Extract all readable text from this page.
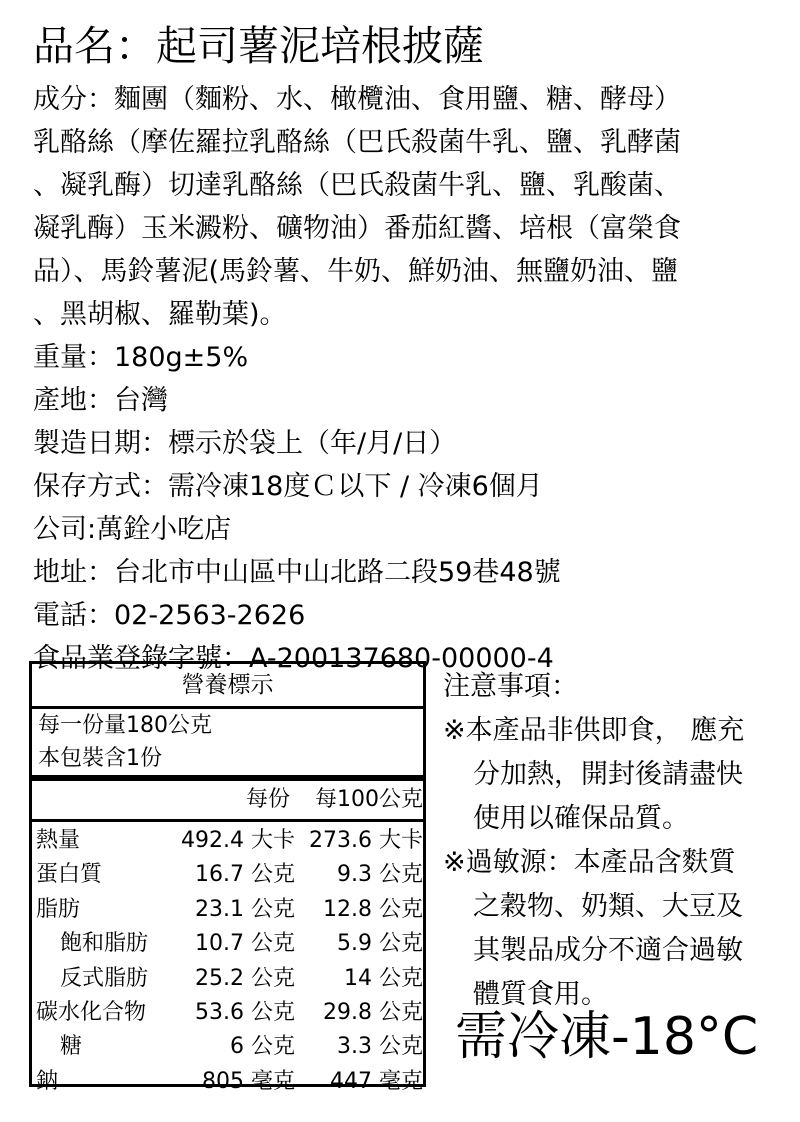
品名：起司薯泥培根披薩
成分：麵團（麵粉、水、橄欖油、食用鹽、糖、酵母）
乳酪絲（摩佐羅拉乳酪絲（巴氏殺菌牛乳、鹽、乳酵菌
、凝乳酶）切達乳酪絲（巴氏殺菌牛乳、鹽、乳酸菌、
凝乳酶）玉米澱粉、礦物油）番茄紅醬、培根（富榮食
品）、馬鈴薯泥(馬鈴薯、牛奶、鮮奶油、無鹽奶油、鹽
、黑胡椒、羅勒葉)。
重量：180g±5%
產地：台灣
製造日期：標示於袋上（年/月/日）
保存方式：需冷凍18度Ｃ以下 / 冷凍6個月
公司:萬銓小吃店
地址：台北市中山區中山北路二段59巷48號
電話：02-2563-2626
食品業登錄字號：A-200137680-00000-4
營養標示
每一份量180公克
本包裝含1份
每份 每100公克
熱量	492.4 大卡 273.6 大卡
蛋白質	16.7 公克 9.3 公克
脂肪	23.1 公克 12.8 公克
飽和脂肪 10.7 公克 5.9 公克
反式脂肪 25.2 公克 14 公克
碳水化合物 53.6 公克 29.8 公克
糖	6 公克 3.3 公克
鈉	805 毫克 447 毫克
注意事項：
※本產品非供即食， 應充
分加熱，開封後請盡快
使用以確保品質。
※過敏源：本產品含麩質
之穀物、奶類、大豆及
其製品成分不適合過敏
體質食用。
需冷凍-18°C
